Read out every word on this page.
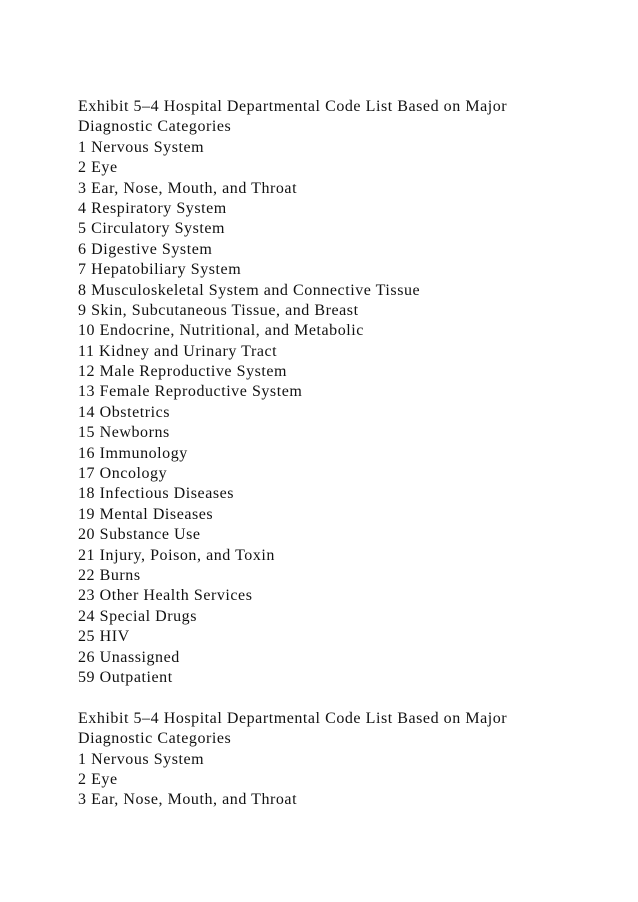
Exhibit 5–4 Hospital Departmental Code List Based on Major
Diagnostic Categories
1 Nervous System
2 Eye
3 Ear, Nose, Mouth, and Throat
4 Respiratory System
5 Circulatory System
6 Digestive System
7 Hepatobiliary System
8 Musculoskeletal System and Connective Tissue
9 Skin, Subcutaneous Tissue, and Breast
10 Endocrine, Nutritional, and Metabolic
11 Kidney and Urinary Tract
12 Male Reproductive System
13 Female Reproductive System
14 Obstetrics
15 Newborns
16 Immunology
17 Oncology
18 Infectious Diseases
19 Mental Diseases
20 Substance Use
21 Injury, Poison, and Toxin
22 Burns
23 Other Health Services
24 Special Drugs
25 HIV
26 Unassigned
59 Outpatient
Exhibit 5–4 Hospital Departmental Code List Based on Major
Diagnostic Categories
1 Nervous System
2 Eye
3 Ear, Nose, Mouth, and Throat
